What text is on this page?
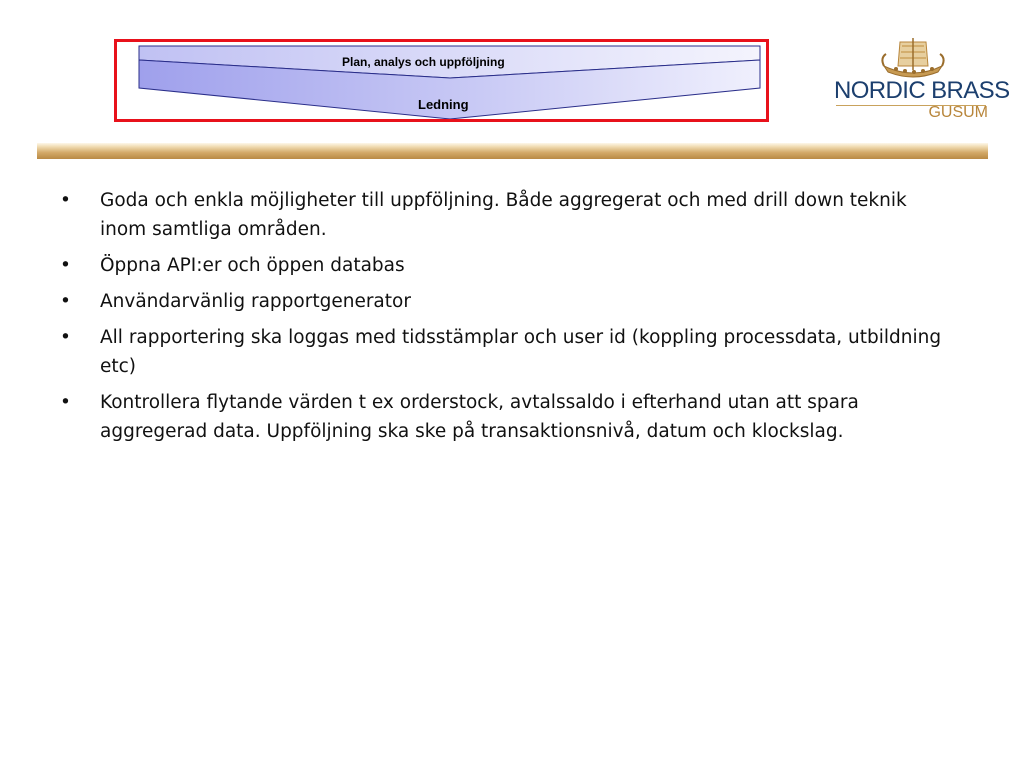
Plan, analys och uppföljning
Ledning
NORDIC BRASS
GUSUM
• Goda och enkla möjligheter till uppföljning. Både aggregerat och med drill down teknik inom samtliga områden.
• Öppna API:er och öppen databas
• Användarvänlig rapportgenerator
• All rapportering ska loggas med tidsstämplar och user id (koppling processdata, utbildning etc)
• Kontrollera flytande värden t ex orderstock, avtalssaldo i efterhand utan att spara aggregerad data. Uppföljning ska ske på transaktionsnivå, datum och klockslag.
